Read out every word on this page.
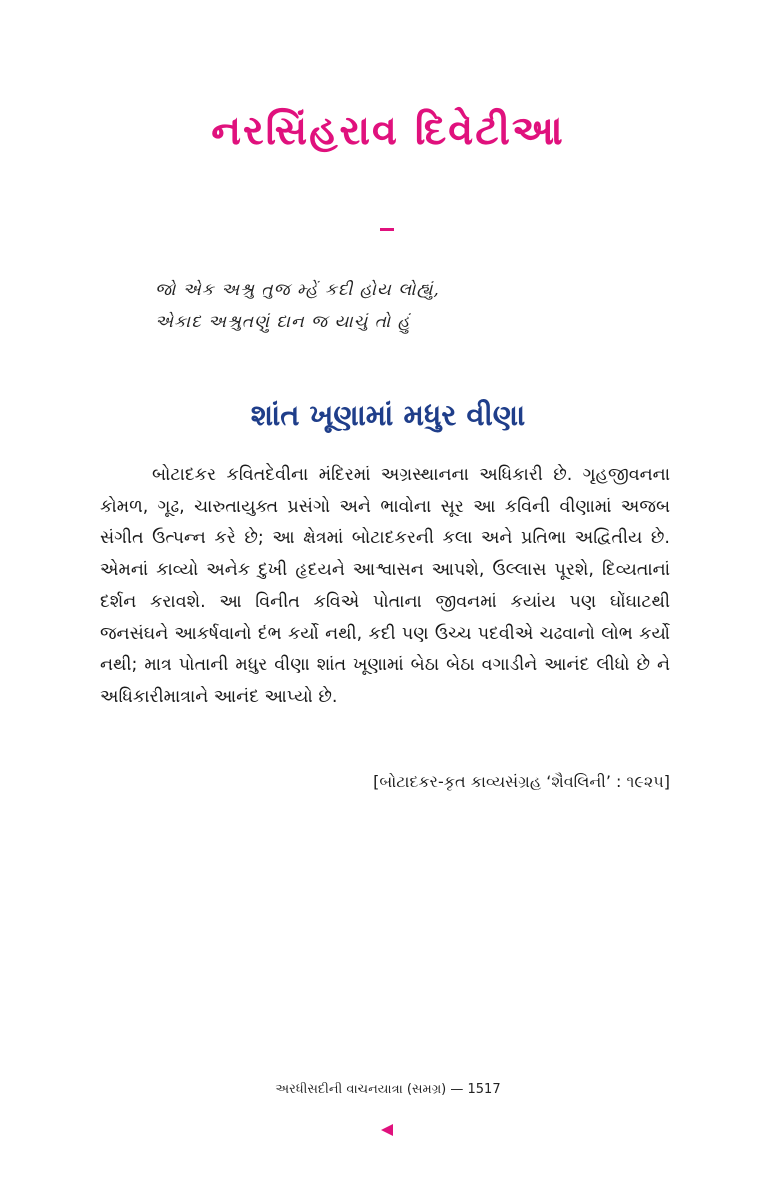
નરસિંહરાવ દિવેટીઆ
જો એક અશ્રુ તુજ મ્હેં કદી હોય લોહ્યું,
એકાદ અશ્રુતણું દાન જ યાચું તો હું
શાંત ખૂણામાં મધુર વીણા
બોટાદકર કવિતદેવીના મંદિરમાં અગ્રસ્થાનના અધિકારી છે. ગૃહજીવનના કોમળ, ગૂઢ, ચારુતાયુક્ત પ્રસંગો અને ભાવોના સૂર આ કવિની વીણામાં અજબ સંગીત ઉત્પન્ન કરે છે; આ ક્ષેત્રમાં બોટાદકરની કલા અને પ્રતિભા અદ્વિતીય છે. એમનાં કાવ્યો અનેક દુખી હૃદયને આશ્વાસન આપશે, ઉલ્લાસ પૂરશે, દિવ્યતાનાં દર્શન કરાવશે. આ વિનીત કવિએ પોતાના જીવનમાં કયાંય પણ ઘોંઘાટથી જનસંઘને આકર્ષવાનો દંભ કર્યો નથી, કદી પણ ઉચ્ચ પદવીએ ચઢવાનો લોભ કર્યો નથી; માત્ર પોતાની મધુર વીણા શાંત ખૂણામાં બેઠા બેઠા વગાડીને આનંદ લીધો છે ને અધિકારીમાત્રાને આનંદ આપ્યો છે.
[બોટાદકર-કૃત કાવ્યસંગ્રહ ‘શૈવલિની’ : ૧૯૨૫]
અરધીસદીની વાચનયાત્રા (સમગ્ર) — 1517
